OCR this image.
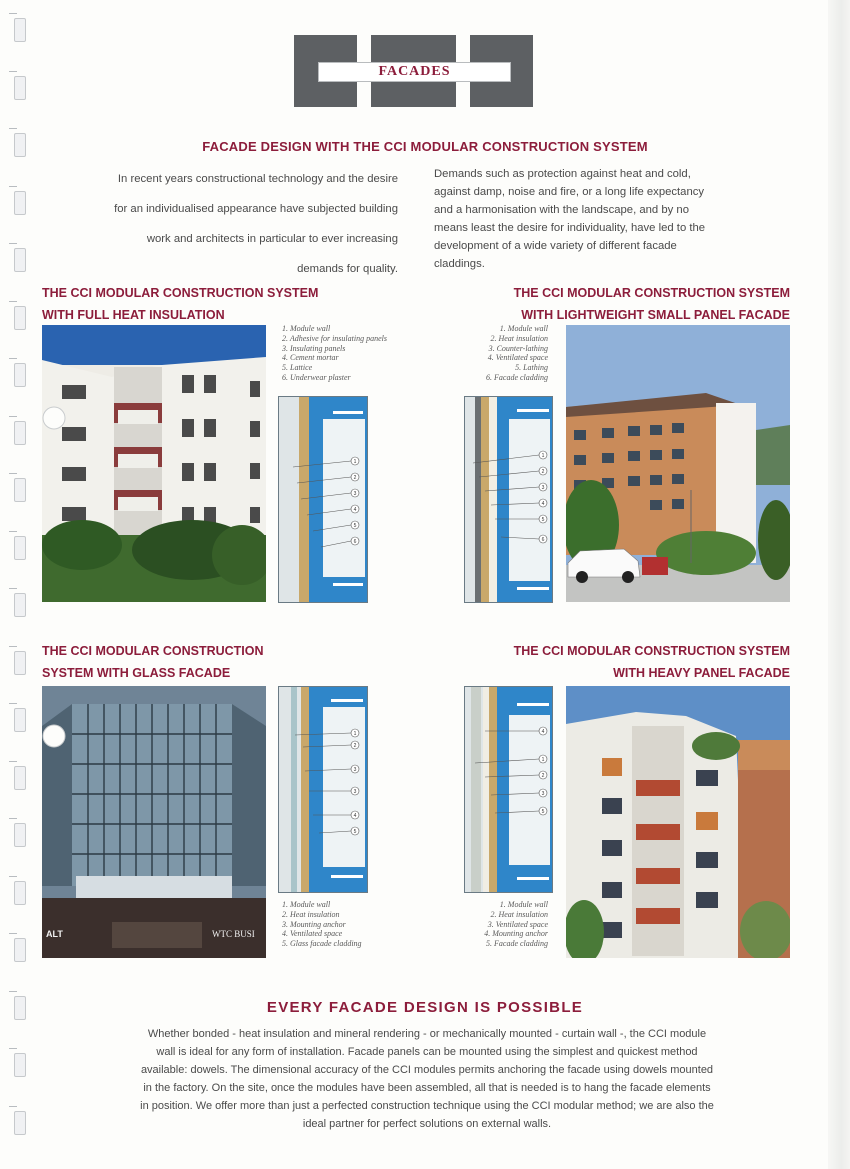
FACADES
FACADE DESIGN WITH THE CCI MODULAR CONSTRUCTION SYSTEM
In recent years constructional technology and the desire
for an individualised appearance have subjected building
work and architects in particular to ever increasing
demands for quality.
Demands such as protection against heat and cold,
against damp, noise and fire, or a long life expectancy
and a harmonisation with the landscape, and by no
means least the desire for individuality, have led to the
development of a wide variety of different facade
claddings.
THE CCI MODULAR CONSTRUCTION SYSTEM
WITH FULL HEAT INSULATION
1. Module wall
2. Adhesive for insulating panels
3. Insulating panels
4. Cement mortar
5. Lattice
6. Underwear plaster
1
2
3
4
5
6
THE CCI MODULAR CONSTRUCTION SYSTEM
WITH LIGHTWEIGHT SMALL PANEL FACADE
1. Module wall
2. Heat insulation
3. Counter-lathing
4. Ventilated space
5. Lathing
6. Facade cladding
1
2
3
4
5
6
THE CCI MODULAR CONSTRUCTION
SYSTEM WITH GLASS FACADE
ALT	WTC BUSI
1
2
3
3
4
5
1. Module wall
2. Heat insulation
3. Mounting anchor
4. Ventilated space
5. Glass facade cladding
THE CCI MODULAR CONSTRUCTION SYSTEM
WITH HEAVY PANEL FACADE
4
1
2
3
5
1. Module wall
2. Heat insulation
3. Ventilated space
4. Mounting anchor
5. Facade cladding
EVERY FACADE DESIGN IS POSSIBLE
Whether bonded - heat insulation and mineral rendering - or mechanically mounted - curtain wall -, the CCI module
wall is ideal for any form of installation. Facade panels can be mounted using the simplest and quickest method
available: dowels. The dimensional accuracy of the CCI modules permits anchoring the facade using dowels mounted
in the factory. On the site, once the modules have been assembled, all that is needed is to hang the facade elements
in position. We offer more than just a perfected construction technique using the CCI modular method; we are also the
ideal partner for perfect solutions on external walls.
